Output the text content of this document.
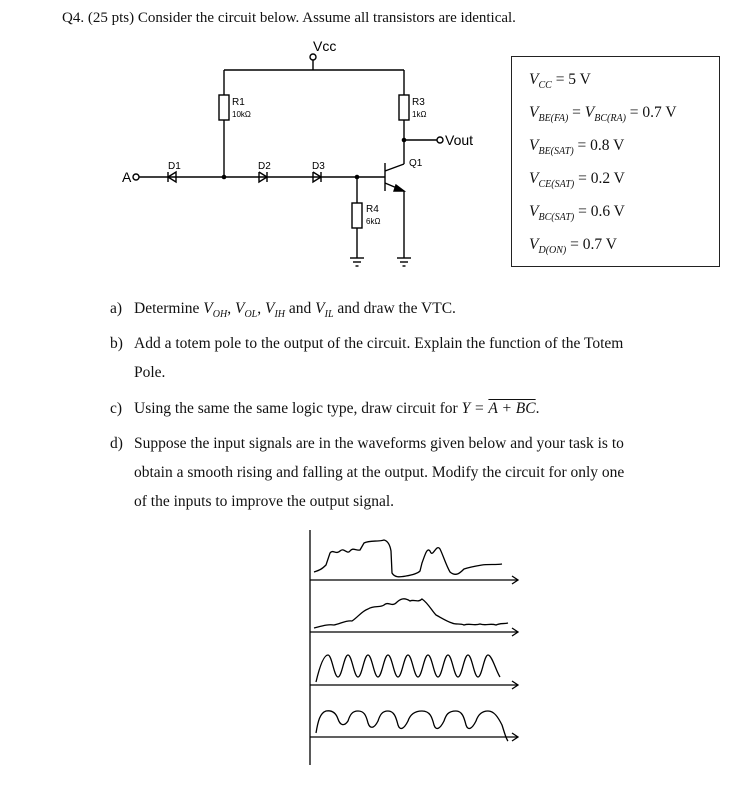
Q4. (25 pts) Consider the circuit below. Assume all transistors are identical.
Vcc
A
Vout
R1
10kΩ
R3
1kΩ
R4
6kΩ
D1	D2	D3	Q1
$V_{CC} = 5$ V
$V_{BE(FA)} = V_{BC(RA)} = 0.7$ V
$V_{BE(SAT)} = 0.8$ V
$V_{CE(SAT)} = 0.2$ V
$V_{BC(SAT)} = 0.6$ V
$V_{D(ON)} = 0.7$ V
a) Determine $V_{OH}$, $V_{OL}$, $V_{IH}$ and $V_{IL}$ and draw the VTC.
b) Add a totem pole to the output of the circuit. Explain the function of the Totem
Pole.
c) Using the same the same logic type, draw circuit for Y = A + BC.
d) Suppose the input signals are in the waveforms given below and your task is to
obtain a smooth rising and falling at the output. Modify the circuit for only one
of the inputs to improve the output signal.
